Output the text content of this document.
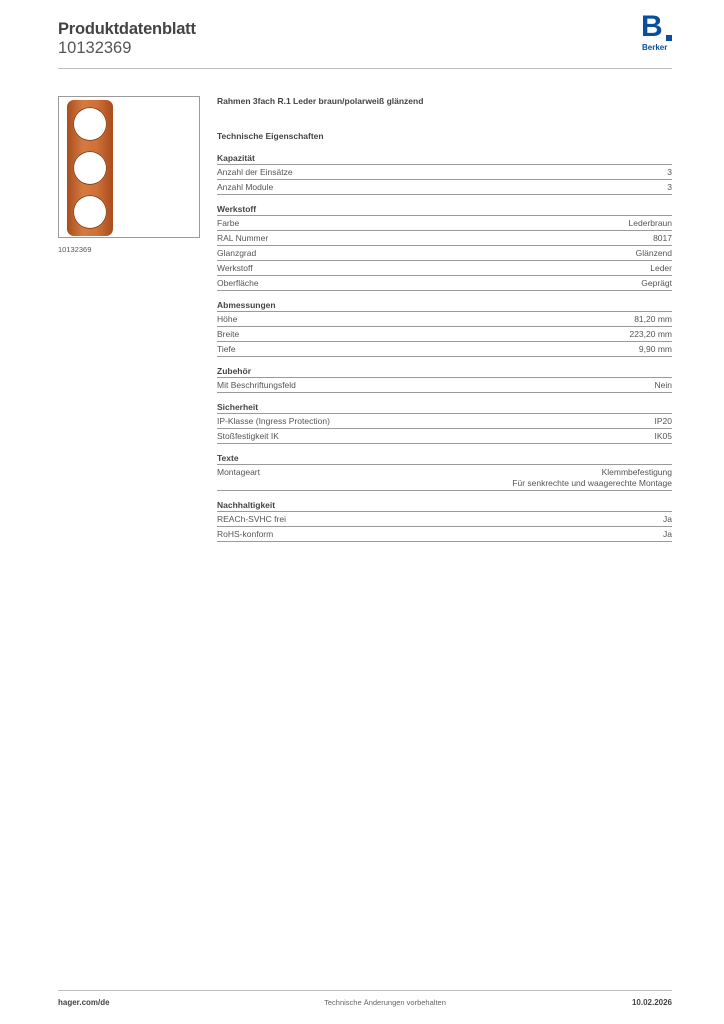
Produktdatenblatt
10132369
B
Berker
10132369
Rahmen 3fach R.1 Leder braun/polarweiß glänzend
Technische Eigenschaften
Kapazität
Anzahl der Einsätze	3
Anzahl Module	3
Werkstoff
Farbe	Lederbraun
RAL Nummer	8017
Glanzgrad	Glänzend
Werkstoff	Leder
Oberfläche	Geprägt
Abmessungen
Höhe	81,20 mm
Breite	223,20 mm
Tiefe	9,90 mm
Zubehör
Mit Beschriftungsfeld	Nein
Sicherheit
IP-Klasse (Ingress Protection)	IP20
Stoßfestigkeit IK	IK05
Texte
Montageart	Klemmbefestigung
Für senkrechte und waagerechte Montage
Nachhaltigkeit
REACh-SVHC frei	Ja
RoHS-konform	Ja
hager.com/de	Technische Änderungen vorbehalten	10.02.2026
